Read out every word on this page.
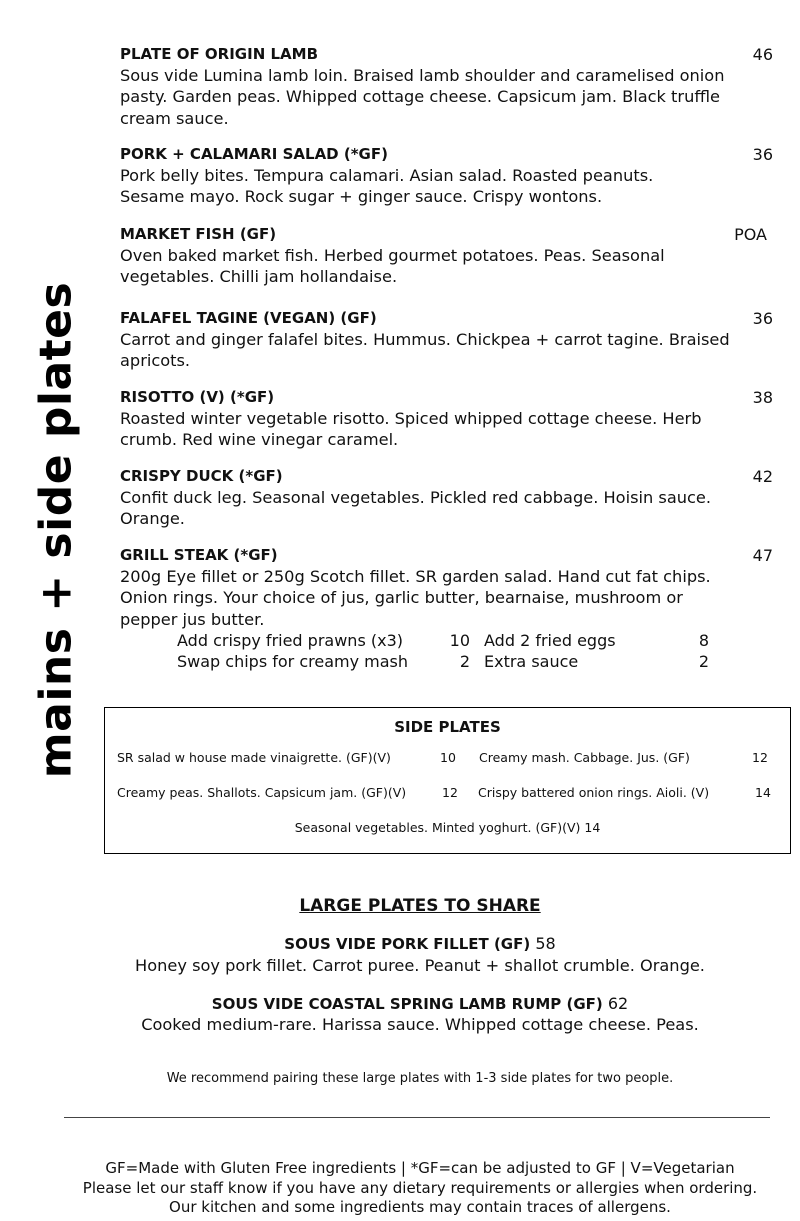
mains + side plates
PLATE OF ORIGIN LAMB	46
Sous vide Lumina lamb loin. Braised lamb shoulder and caramelised onion pasty. Garden peas. Whipped cottage cheese. Capsicum jam. Black truffle cream sauce.
PORK + CALAMARI SALAD (*GF)	36
Pork belly bites. Tempura calamari. Asian salad. Roasted peanuts. Sesame mayo. Rock sugar + ginger sauce. Crispy wontons.
MARKET FISH (GF)	POA
Oven baked market fish. Herbed gourmet potatoes. Peas. Seasonal vegetables. Chilli jam hollandaise.
FALAFEL TAGINE (VEGAN) (GF)	36
Carrot and ginger falafel bites. Hummus. Chickpea + carrot tagine. Braised apricots.
RISOTTO (V) (*GF)	38
Roasted winter vegetable risotto. Spiced whipped cottage cheese. Herb crumb. Red wine vinegar caramel.
CRISPY DUCK (*GF)	42
Confit duck leg. Seasonal vegetables. Pickled red cabbage. Hoisin sauce. Orange.
GRILL STEAK (*GF)	47
200g Eye fillet or 250g Scotch fillet. SR garden salad. Hand cut fat chips. Onion rings. Your choice of jus, garlic butter, bearnaise, mushroom or pepper jus butter.
Add crispy fried prawns (x3)	10 Add 2 fried eggs	8
Swap chips for creamy mash	2 Extra sauce	2
SIDE PLATES
SR salad w house made vinaigrette. (GF)(V)	10 Creamy mash. Cabbage. Jus. (GF)	12
Creamy peas. Shallots. Capsicum jam. (GF)(V)	12 Crispy battered onion rings. Aioli. (V)	14
Seasonal vegetables. Minted yoghurt. (GF)(V) 14
LARGE PLATES TO SHARE
SOUS VIDE PORK FILLET (GF) 58
Honey soy pork fillet. Carrot puree. Peanut + shallot crumble. Orange.
SOUS VIDE COASTAL SPRING LAMB RUMP (GF) 62
Cooked medium-rare. Harissa sauce. Whipped cottage cheese. Peas.
We recommend pairing these large plates with 1-3 side plates for two people.
GF=Made with Gluten Free ingredients | *GF=can be adjusted to GF | V=Vegetarian
Please let our staff know if you have any dietary requirements or allergies when ordering.
Our kitchen and some ingredients may contain traces of allergens.
